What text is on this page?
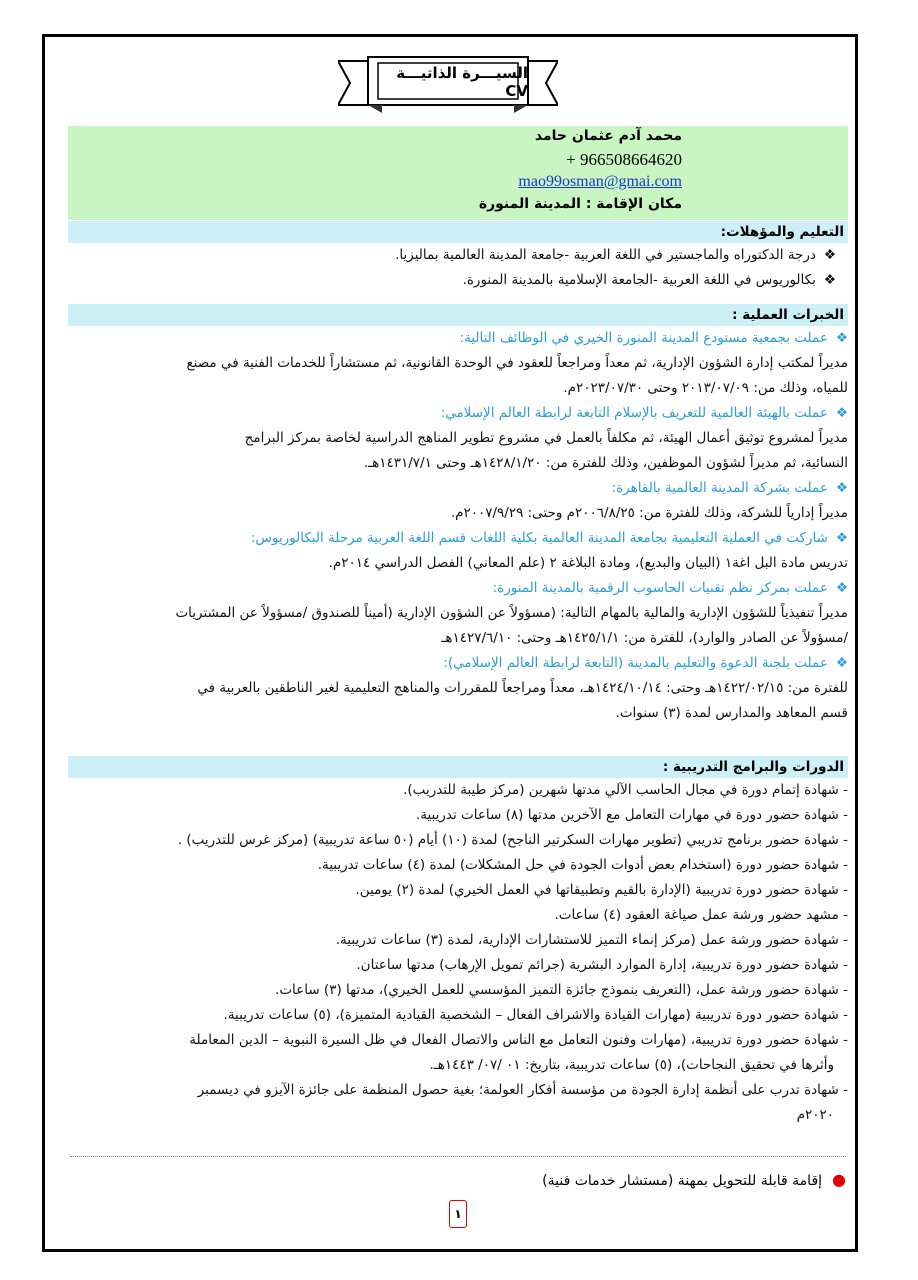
السيـــرة الذاتيـــة CV
محمد آدم عثمان حامد
+ 966508664620
mao99osman@gmai.com
مكان الإقامة : المدينة المنورة
التعليم والمؤهلات:
❖درجة الدكتوراه والماجستير في اللغة العربية -جامعة المدينة العالمية بماليزيا.
❖بكالوريوس في اللغة العربية -الجامعة الإسلامية بالمدينة المنورة.
الخبرات العملية :
❖عملت بجمعية مستودع المدينة المنورة الخيري في الوظائف التالية:
مديراً لمكتب إدارة الشؤون الإدارية، ثم معداً ومراجعاً للعقود في الوحدة القانونية، ثم مستشاراً للخدمات الفنية في مصنع
للمياه، وذلك من: ٢٠١٣/٠٧/٠٩ وحتى ٢٠٢٣/٠٧/٣٠م.
❖عملت بالهيئة العالمية للتعريف بالإسلام التابعة لرابطة العالم الإسلامي:
مديراً لمشروع توثيق أعمال الهيئة، ثم مكلفاً بالعمل في مشروع تطوير المناهج الدراسية لخاصة بمركز البرامج
النسائية، ثم مديراً لشؤون الموظفين، وذلك للفترة من: ١٤٢٨/١/٢٠هـ وحتى ١٤٣١/٧/١هـ.
❖عملت بشركة المدينة العالمية بالقاهرة:
مديراً إدارياً للشركة، وذلك للفترة من: ٢٠٠٦/٨/٢٥م وحتى: ٢٠٠٧/٩/٢٩م.
❖شاركت في العملية التعليمية بجامعة المدينة العالمية بكلية اللغات قسم اللغة العربية مرحلة البكالوريوس:
تدريس مادة البل اغة١ (البيان والبديع)، ومادة البلاغة ٢ (علم المعاني) الفصل الدراسي ٢٠١٤م.
❖عملت بمركز نظم تقنيات الحاسوب الرقمية بالمدينة المنورة:
مديراً تنفيذياً للشؤون الإدارية والمالية بالمهام التالية: (مسؤولاً عن الشؤون الإدارية (أميناً للصندوق /مسؤولاً عن المشتريات
/مسؤولاً عن الصادر والوارد)، للفترة من: ١٤٢٥/١/١هـ وحتى: ١٤٢٧/٦/١٠هـ
❖عملت بلجنة الدعوة والتعليم بالمدينة (التابعة لرابطة العالم الإسلامي):
للفترة من: ١٤٢٢/٠٢/١٥هـ وحتى: ١٤٢٤/١٠/١٤هـ، معداً ومراجعاً للمقررات والمناهج التعليمية لغير الناطقين بالعربية في
قسم المعاهد والمدارس لمدة (٣) سنوات.
الدورات والبرامج التدريبية :
- شهادة إتمام دورة في مجال الحاسب الآلي مدتها شهرين (مركز طيبة للتدريب).
- شهادة حضور دورة في مهارات التعامل مع الآخرين مدتها (٨) ساعات تدريبية.
- شهادة حضور برنامج تدريبي (تطوير مهارات السكرتير الناجح) لمدة (١٠) أيام (٥٠ ساعة تدريبية) (مركز غرس للتدريب) .
- شهادة حضور دورة (استخدام بعض أدوات الجودة في حل المشكلات) لمدة (٤) ساعات تدريبية.
- شهادة حضور دورة تدريبية (الإدارة بالقيم وتطبيقاتها في العمل الخيري) لمدة (٢) يومين.
- مشهد حضور ورشة عمل صياغة العقود (٤) ساعات.
- شهادة حضور ورشة عمل (مركز إنماء التميز للاستشارات الإدارية، لمدة (٣) ساعات تدريبية.
- شهادة حضور دورة تدريبية، إدارة الموارد البشرية (جرائم تمويل الإرهاب) مدتها ساعتان.
- شهادة حضور ورشة عمل، (التعريف بنموذج جائزة التميز المؤسسي للعمل الخيري)، مدتها (٣) ساعات.
- شهادة حضور دورة تدريبية (مهارات القيادة والاشراف الفعال – الشخصية القيادية المتميزة)، (٥) ساعات تدريبية.
- شهادة حضور دورة تدريبية، (مهارات وفنون التعامل مع الناس والاتصال الفعال في ظل السيرة النبوية – الدين المعاملة
وأثرها في تحقيق النجاحات)، (٥) ساعات تدريبية، بتاريخ: ٠١ /٠٧/ ١٤٤٣هـ.
- شهادة تدرب على أنظمة إدارة الجودة من مؤسسة أفكار العولمة؛ بغية حصول المنظمة على جائزة الآيزو في ديسمبر
٢٠٢٠م
●إقامة قابلة للتحويل بمهنة (مستشار خدمات فنية)
١
